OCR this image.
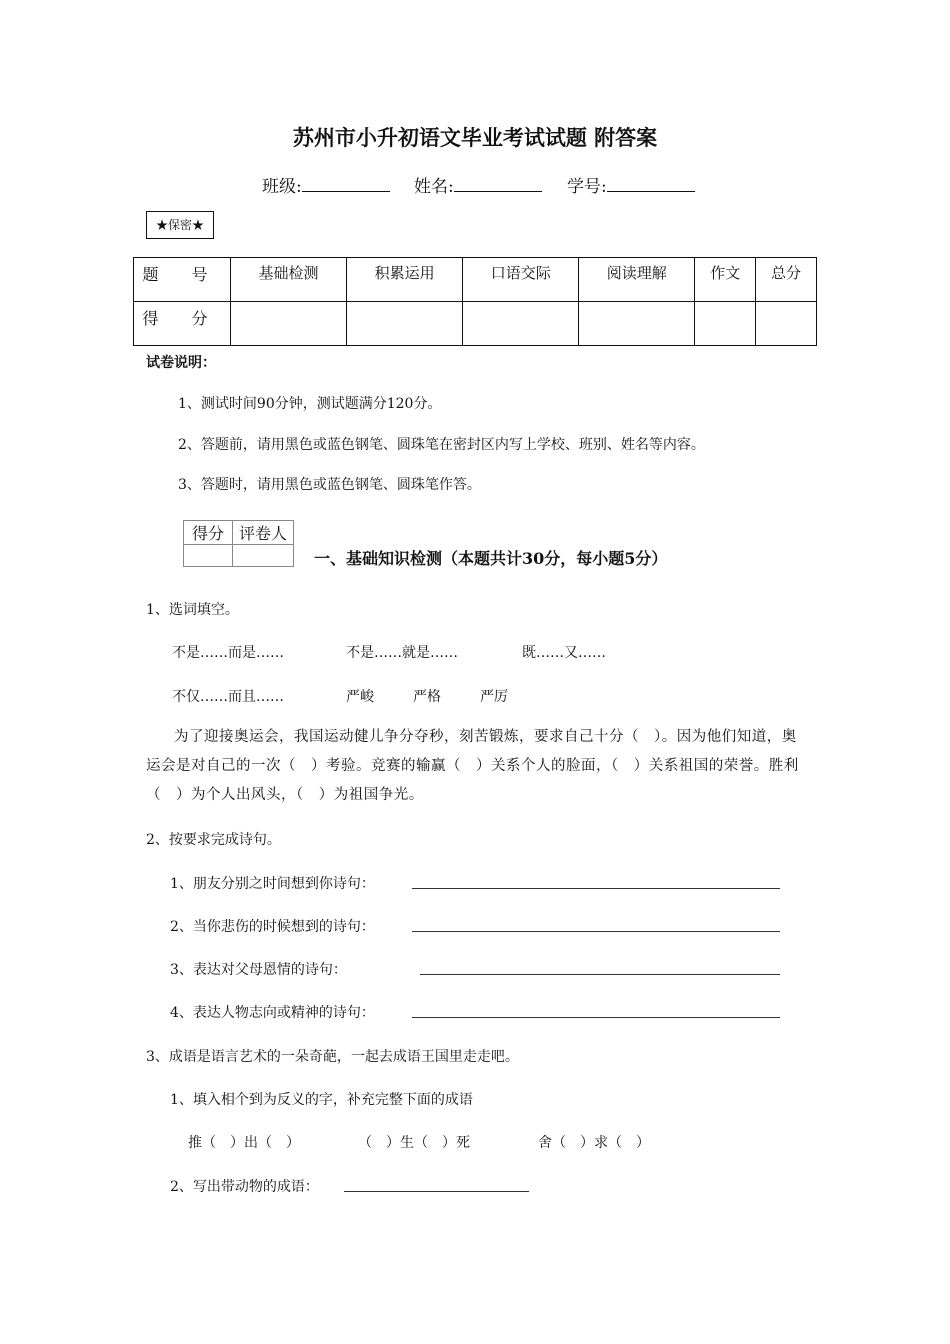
苏州市小升初语文毕业考试试题 附答案
班级:	姓名:	学号:
★保密★
题 号	基础检测	积累运用	口语交际	阅读理解	作文	总分
得 分						
试卷说明：
1、测试时间90分钟，测试题满分120分。
2、答题前，请用黑色或蓝色钢笔、圆珠笔在密封区内写上学校、班别、姓名等内容。
3、答题时，请用黑色或蓝色钢笔、圆珠笔作答。
得分	评卷人

一、基础知识检测（本题共计30分，每小题5分）
1、选词填空。
不是……而是……	不是……就是……	既……又……
不仅……而且……	严峻	严格	严厉
为了迎接奥运会，我国运动健儿争分夺秒，刻苦锻炼，要求自己十分（　）。因为他们知道，奥运会是对自己的一次（　）考验。竞赛的输赢（　）关系个人的脸面，（　）关系祖国的荣誉。胜利（　）为个人出风头，（　）为祖国争光。
2、按要求完成诗句。
1、朋友分别之时间想到你诗句：
2、当你悲伤的时候想到的诗句：
3、表达对父母恩情的诗句：
4、表达人物志向或精神的诗句：
3、成语是语言艺术的一朵奇葩，一起去成语王国里走走吧。
1、填入相个到为反义的字，补充完整下面的成语
推（　）出（　）	（　）生（　）死	舍（　）求（　）
2、写出带动物的成语：
